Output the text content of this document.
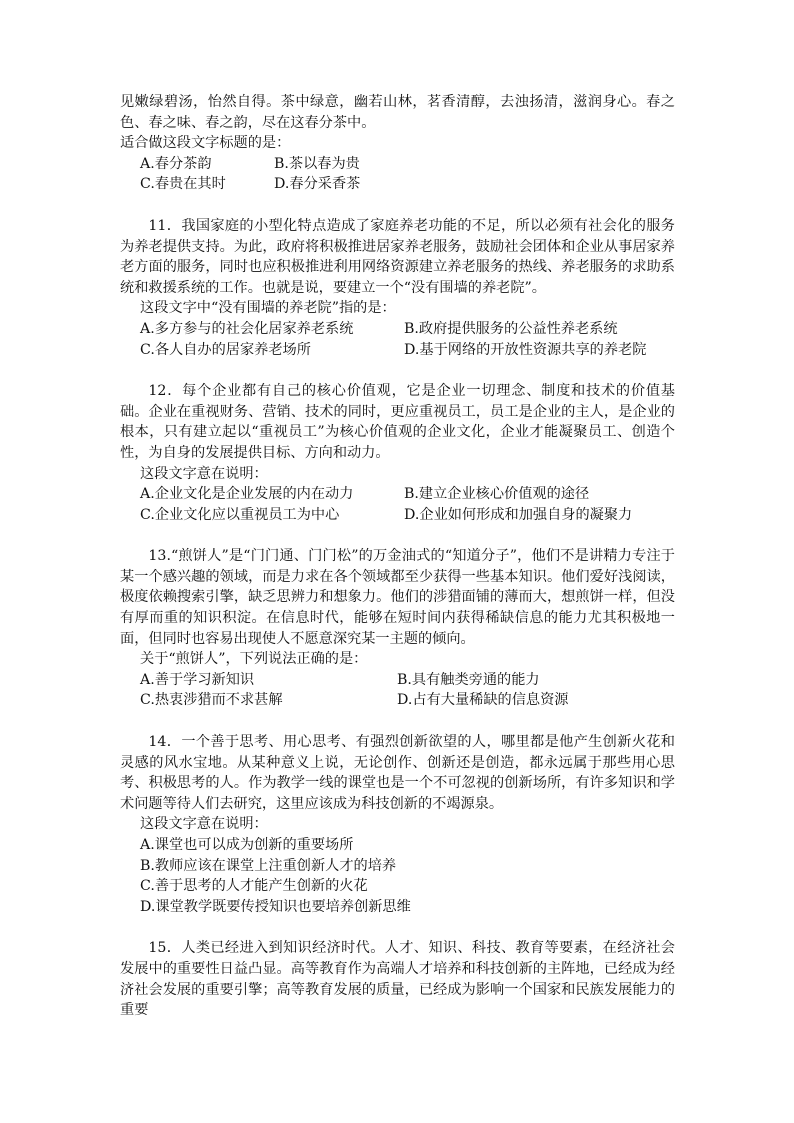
见嫩绿碧汤，怡然自得。茶中绿意，幽若山林，茗香清醇，去浊扬清，滋润身心。春之色、春之味、春之韵，尽在这春分茶中。

适合做这段文字标题的是：

A.春分茶韵	B.茶以春为贵

C.春贵在其时	D.春分采香茶

11．我国家庭的小型化特点造成了家庭养老功能的不足，所以必须有社会化的服务为养老提供支持。为此，政府将积极推进居家养老服务，鼓励社会团体和企业从事居家养老方面的服务，同时也应积极推进利用网络资源建立养老服务的热线、养老服务的求助系统和救援系统的工作。也就是说，要建立一个“没有围墙的养老院”。

这段文字中“没有围墙的养老院”指的是：

A.多方参与的社会化居家养老系统	B.政府提供服务的公益性养老系统

C.各人自办的居家养老场所	D.基于网络的开放性资源共享的养老院

12．每个企业都有自己的核心价值观，它是企业一切理念、制度和技术的价值基础。企业在重视财务、营销、技术的同时，更应重视员工，员工是企业的主人，是企业的根本，只有建立起以“重视员工”为核心价值观的企业文化，企业才能凝聚员工、创造个性，为自身的发展提供目标、方向和动力。

这段文字意在说明：

A.企业文化是企业发展的内在动力	B.建立企业核心价值观的途径

C.企业文化应以重视员工为中心	D.企业如何形成和加强自身的凝聚力

13.“煎饼人”是“门门通、门门松”的万金油式的“知道分子”，他们不是讲精力专注于某一个感兴趣的领域，而是力求在各个领域都至少获得一些基本知识。他们爱好浅阅读，极度依赖搜索引擎，缺乏思辨力和想象力。他们的涉猎面铺的薄而大，想煎饼一样，但没有厚而重的知识积淀。在信息时代，能够在短时间内获得稀缺信息的能力尤其积极地一面，但同时也容易出现使人不愿意深究某一主题的倾向。

关于“煎饼人”，下列说法正确的是：

A.善于学习新知识	B.具有触类旁通的能力

C.热衷涉猎而不求甚解	D.占有大量稀缺的信息资源

14．一个善于思考、用心思考、有强烈创新欲望的人，哪里都是他产生创新火花和灵感的风水宝地。从某种意义上说，无论创作、创新还是创造，都永远属于那些用心思考、积极思考的人。作为教学一线的课堂也是一个不可忽视的创新场所，有许多知识和学术问题等待人们去研究，这里应该成为科技创新的不竭源泉。

这段文字意在说明：

A.课堂也可以成为创新的重要场所

B.教师应该在课堂上注重创新人才的培养

C.善于思考的人才能产生创新的火花

D.课堂教学既要传授知识也要培养创新思维

15．人类已经进入到知识经济时代。人才、知识、科技、教育等要素，在经济社会发展中的重要性日益凸显。高等教育作为高端人才培养和科技创新的主阵地，已经成为经济社会发展的重要引擎；高等教育发展的质量，已经成为影响一个国家和民族发展能力的重要
